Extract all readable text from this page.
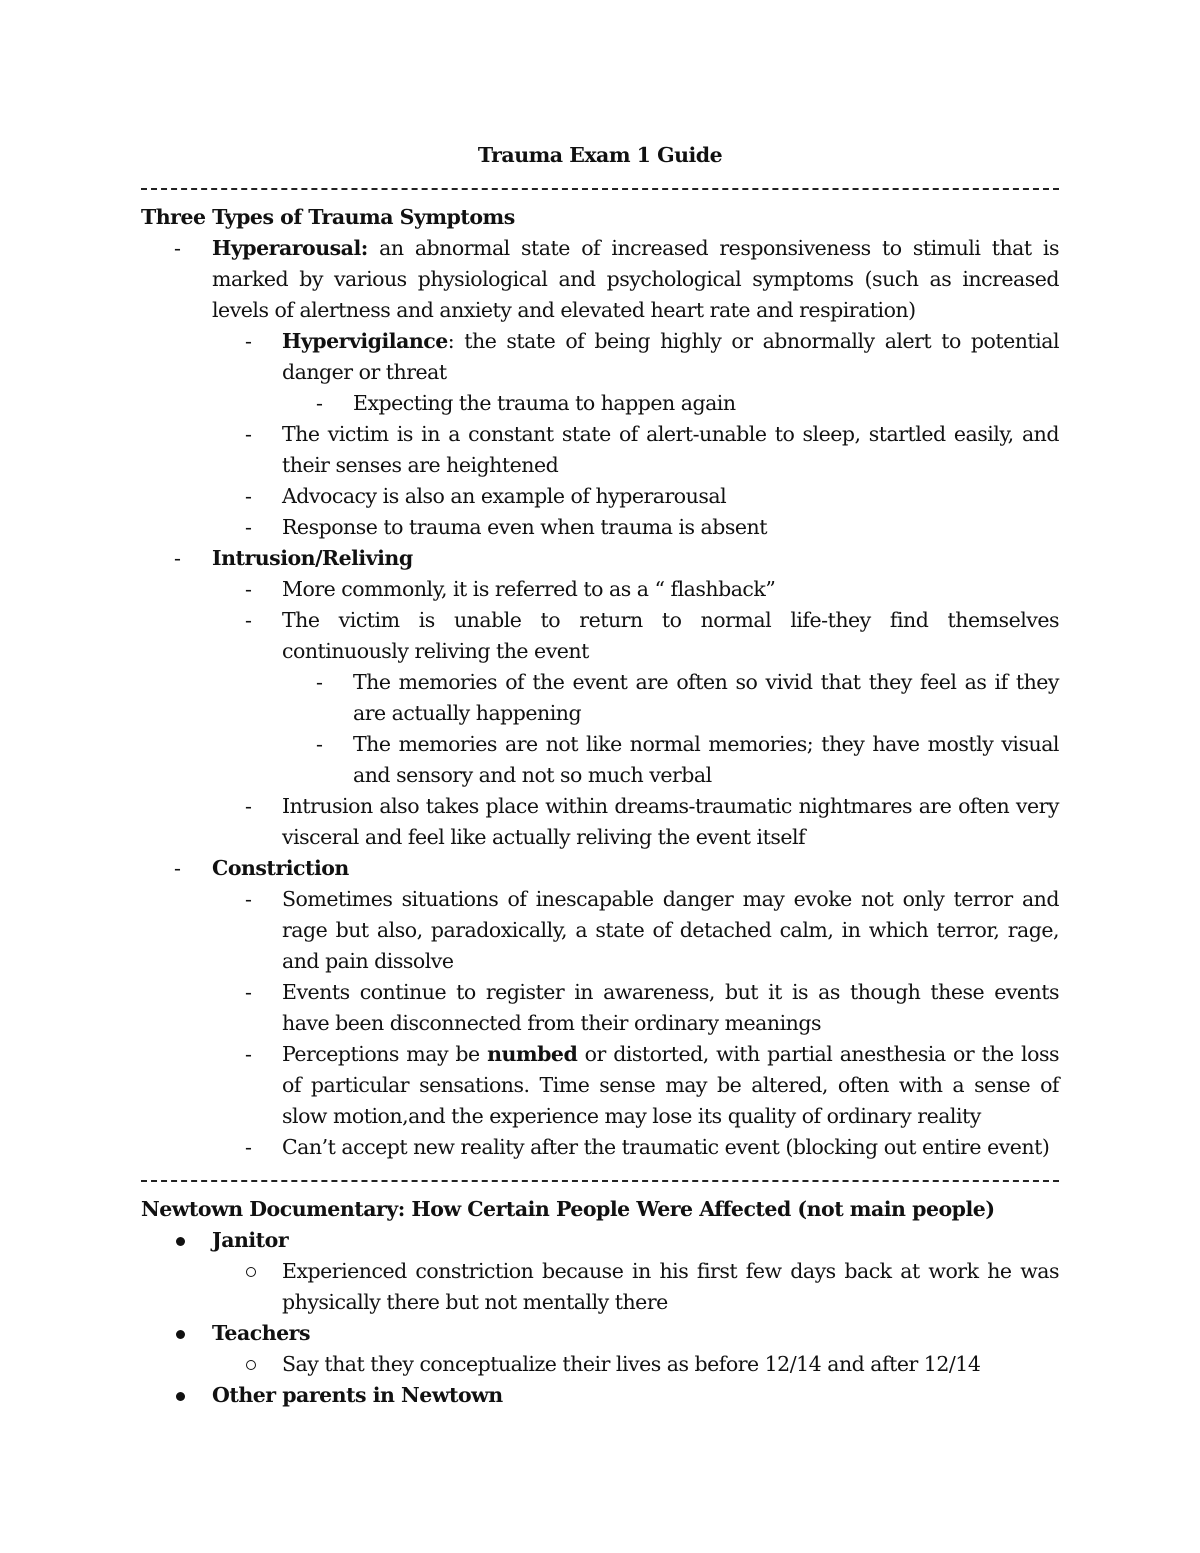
Trauma Exam 1 Guide
Three Types of Trauma Symptoms
-	Hyperarousal: an abnormal state of increased responsiveness to stimuli that is marked by various physiological and psychological symptoms (such as increased levels of alertness and anxiety and elevated heart rate and respiration)
-	Hypervigilance: the state of being highly or abnormally alert to potential danger or threat
-	Expecting the trauma to happen again
-	The victim is in a constant state of alert-unable to sleep, startled easily, and their senses are heightened
-	Advocacy is also an example of hyperarousal
-	Response to trauma even when trauma is absent
-	Intrusion/Reliving
-	More commonly, it is referred to as a “ flashback”
-	The victim is unable to return to normal life-they find themselves continuously reliving the event
-	The memories of the event are often so vivid that they feel as if they are actually happening
-	The memories are not like normal memories; they have mostly visual and sensory and not so much verbal
-	Intrusion also takes place within dreams-traumatic nightmares are often very visceral and feel like actually reliving the event itself
-	Constriction
-	Sometimes situations of inescapable danger may evoke not only terror and rage but also, paradoxically, a state of detached calm, in which terror, rage, and pain dissolve
-	Events continue to register in awareness, but it is as though these events have been disconnected from their ordinary meanings
-	Perceptions may be numbed or distorted, with partial anesthesia or the loss of particular sensations. Time sense may be altered, often with a sense of slow motion,and the experience may lose its quality of ordinary reality
-	Can’t accept new reality after the traumatic event (blocking out entire event)
Newtown Documentary: How Certain People Were Affected (not main people)
Janitor
Experienced constriction because in his first few days back at work he was physically there but not mentally there
Teachers
Say that they conceptualize their lives as before 12/14 and after 12/14
Other parents in Newtown
